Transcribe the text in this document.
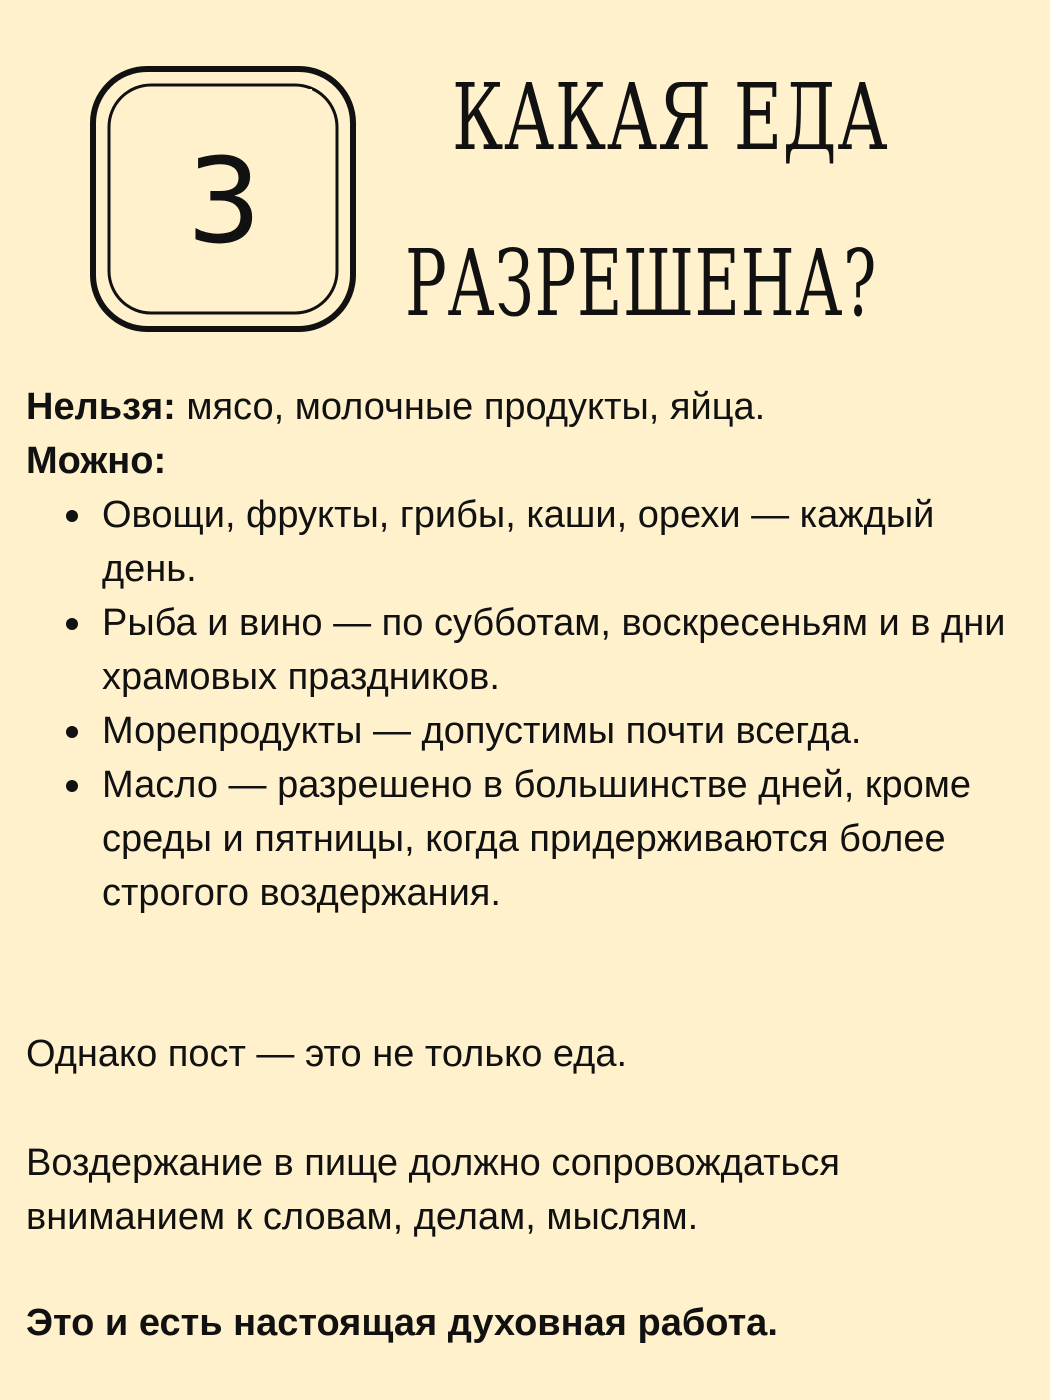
3
КАКАЯ ЕДА
РАЗРЕШЕНА?

Нельзя: мясо, молочные продукты, яйца.

Можно:

Овощи, фрукты, грибы, каши, орехи — каждый день.
Рыба и вино — по субботам, воскресеньям и в дни храмовых праздников.
Морепродукты — допустимы почти всегда.
Масло — разрешено в большинстве дней, кроме среды и пятницы, когда придерживаются более строгого воздержания.

Однако пост — это не только еда.

Воздержание в пище должно сопровождаться вниманием к словам, делам, мыслям.

Это и есть настоящая духовная работа.
